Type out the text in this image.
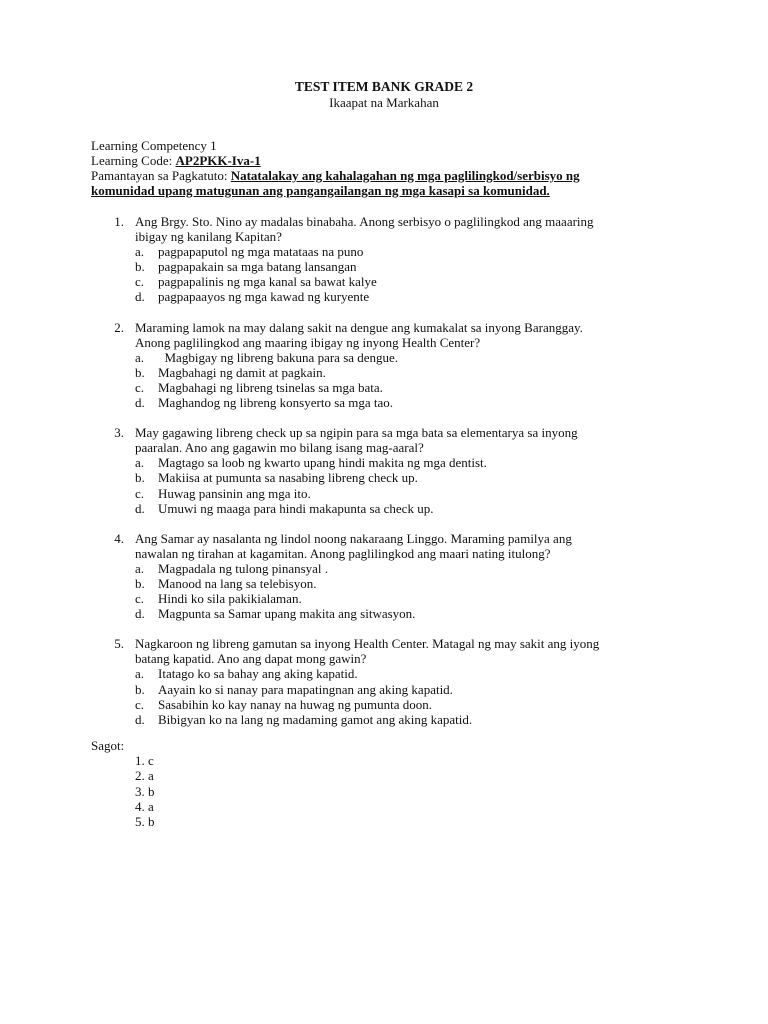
TEST ITEM BANK GRADE 2
Ikaapat na Markahan
Learning Competency 1
Learning Code: AP2PKK-Iva-1
Pamantayan sa Pagkatuto: Natatalakay ang kahalagahan ng mga paglilingkod/serbisyo ng
komunidad upang matugunan ang pangangailangan ng mga kasapi sa komunidad.
1. Ang Brgy. Sto. Nino ay madalas binabaha. Anong serbisyo o paglilingkod ang maaaring
ibigay ng kanilang Kapitan?
a.	pagpapaputol ng mga matataas na puno
b.	pagpapakain sa mga batang lansangan
c.	pagpapalinis ng mga kanal sa bawat kalye
d.	pagpapaayos ng mga kawad ng kuryente
2. Maraming lamok na may dalang sakit na dengue ang kumakalat sa inyong Baranggay.
Anong paglilingkod ang maaring ibigay ng inyong Health Center?
a.	Magbigay ng libreng bakuna para sa dengue.
b.	Magbahagi ng damit at pagkain.
c.	Magbahagi ng libreng tsinelas sa mga bata.
d.	Maghandog ng libreng konsyerto sa mga tao.
3. May gagawing libreng check up sa ngipin para sa mga bata sa elementarya sa inyong
paaralan. Ano ang gagawin mo bilang isang mag-aaral?
a.	Magtago sa loob ng kwarto upang hindi makita ng mga dentist.
b.	Makiisa at pumunta sa nasabing libreng check up.
c.	Huwag pansinin ang mga ito.
d.	Umuwi ng maaga para hindi makapunta sa check up.
4. Ang Samar ay nasalanta ng lindol noong nakaraang Linggo. Maraming pamilya ang
nawalan ng tirahan at kagamitan. Anong paglilingkod ang maari nating itulong?
a.	Magpadala ng tulong pinansyal .
b.	Manood na lang sa telebisyon.
c.	Hindi ko sila pakikialaman.
d.	Magpunta sa Samar upang makita ang sitwasyon.
5. Nagkaroon ng libreng gamutan sa inyong Health Center. Matagal ng may sakit ang iyong
batang kapatid. Ano ang dapat mong gawin?
a.	Itatago ko sa bahay ang aking kapatid.
b.	Aayain ko si nanay para mapatingnan ang aking kapatid.
c.	Sasabihin ko kay nanay na huwag ng pumunta doon.
d.	Bibigyan ko na lang ng madaming gamot ang aking kapatid.
Sagot:
1. c
2. a
3. b
4. a
5. b
